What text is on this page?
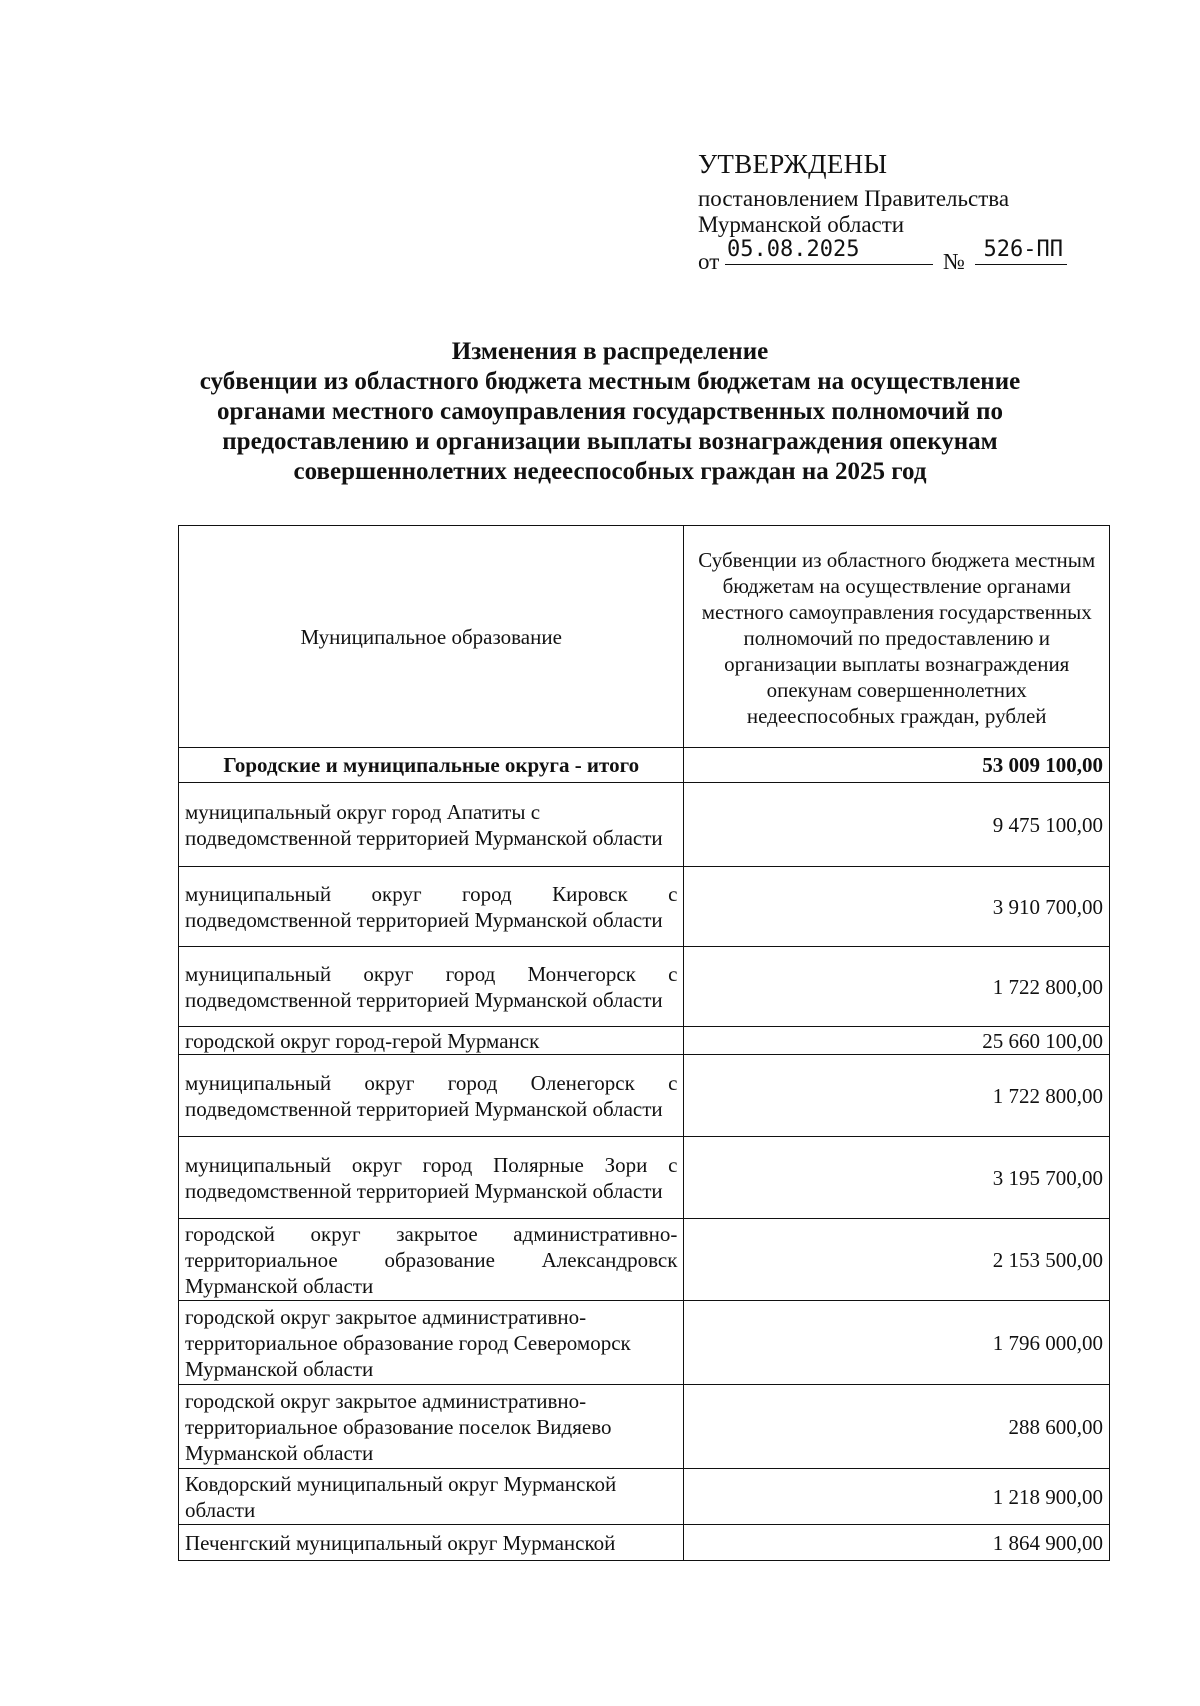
УТВЕРЖДЕНЫ
постановлением Правительства
Мурманской области
от 05.08.2025	№ 526-ПП
Изменения в распределение
субвенции из областного бюджета местным бюджетам на осуществление
органами местного самоуправления государственных полномочий по
предоставлению и организации выплаты вознаграждения опекунам
совершеннолетних недееспособных граждан на 2025 год
Муниципальное образование	Субвенции из областного бюджета местным бюджетам на осуществление органами местного самоуправления государственных полномочий по предоставлению и организации выплаты вознаграждения опекунам совершеннолетних недееспособных граждан, рублей
Городские и муниципальные округа - итого	53 009 100,00
муниципальный округ город Апатиты с подведомственной территорией Мурманской области	9 475 100,00
муниципальный округ город Кировск с подведомственной территорией Мурманской области	3 910 700,00
муниципальный округ город Мончегорск с подведомственной территорией Мурманской области	1 722 800,00
городской округ город-герой Мурманск	25 660 100,00
муниципальный округ город Оленегорск с подведомственной территорией Мурманской области	1 722 800,00
муниципальный округ город Полярные Зори с подведомственной территорией Мурманской области	3 195 700,00
городской округ закрытое административно-территориальное образование Александровск Мурманской области	2 153 500,00
городской округ закрытое административно-территориальное образование город Североморск Мурманской области	1 796 000,00
городской округ закрытое административно-территориальное образование поселок Видяево Мурманской области	288 600,00
Ковдорский муниципальный округ Мурманской области	1 218 900,00
Печенгский муниципальный округ Мурманской	1 864 900,00
